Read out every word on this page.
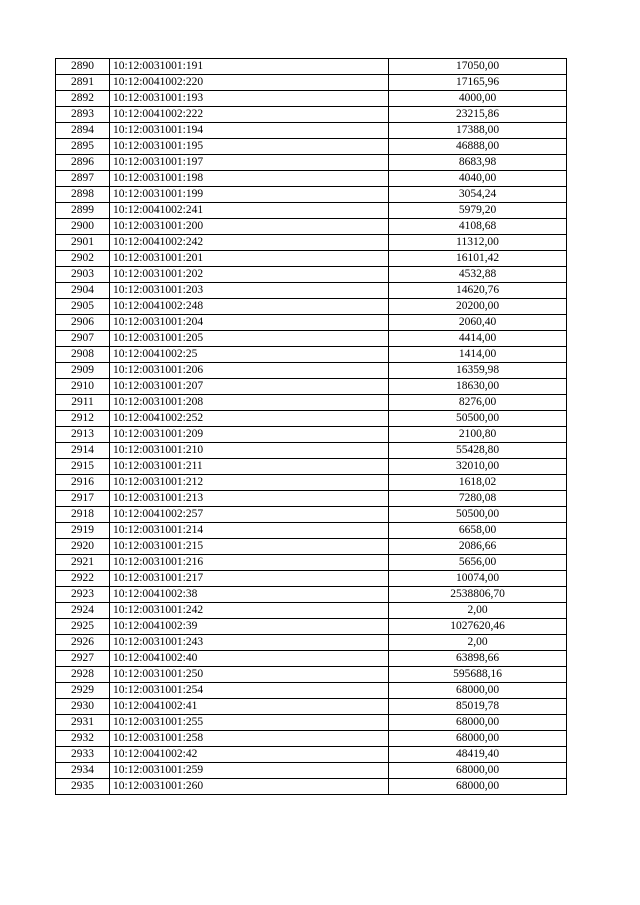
2890	10:12:0031001:191	17050,00
2891	10:12:0041002:220	17165,96
2892	10:12:0031001:193	4000,00
2893	10:12:0041002:222	23215,86
2894	10:12:0031001:194	17388,00
2895	10:12:0031001:195	46888,00
2896	10:12:0031001:197	8683,98
2897	10:12:0031001:198	4040,00
2898	10:12:0031001:199	3054,24
2899	10:12:0041002:241	5979,20
2900	10:12:0031001:200	4108,68
2901	10:12:0041002:242	11312,00
2902	10:12:0031001:201	16101,42
2903	10:12:0031001:202	4532,88
2904	10:12:0031001:203	14620,76
2905	10:12:0041002:248	20200,00
2906	10:12:0031001:204	2060,40
2907	10:12:0031001:205	4414,00
2908	10:12:0041002:25	1414,00
2909	10:12:0031001:206	16359,98
2910	10:12:0031001:207	18630,00
2911	10:12:0031001:208	8276,00
2912	10:12:0041002:252	50500,00
2913	10:12:0031001:209	2100,80
2914	10:12:0031001:210	55428,80
2915	10:12:0031001:211	32010,00
2916	10:12:0031001:212	1618,02
2917	10:12:0031001:213	7280,08
2918	10:12:0041002:257	50500,00
2919	10:12:0031001:214	6658,00
2920	10:12:0031001:215	2086,66
2921	10:12:0031001:216	5656,00
2922	10:12:0031001:217	10074,00
2923	10:12:0041002:38	2538806,70
2924	10:12:0031001:242	2,00
2925	10:12:0041002:39	1027620,46
2926	10:12:0031001:243	2,00
2927	10:12:0041002:40	63898,66
2928	10:12:0031001:250	595688,16
2929	10:12:0031001:254	68000,00
2930	10:12:0041002:41	85019,78
2931	10:12:0031001:255	68000,00
2932	10:12:0031001:258	68000,00
2933	10:12:0041002:42	48419,40
2934	10:12:0031001:259	68000,00
2935	10:12:0031001:260	68000,00
